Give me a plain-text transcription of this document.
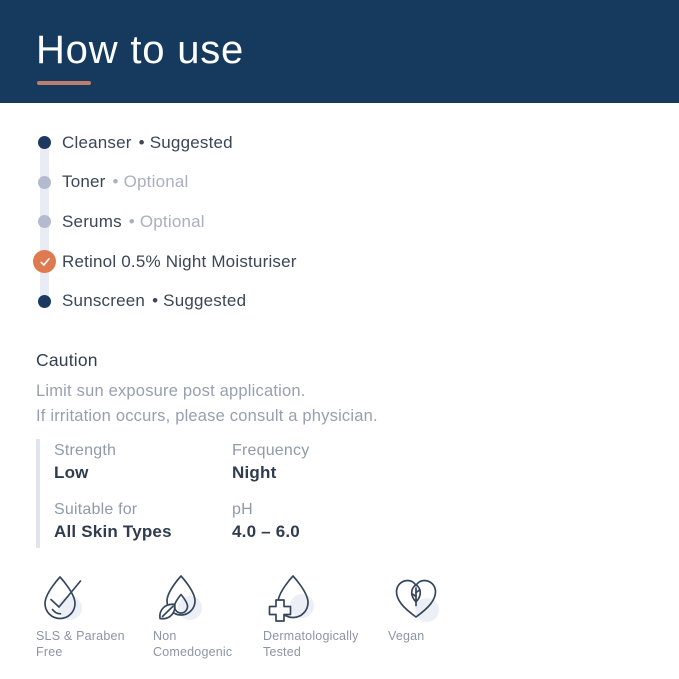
How to use
Cleanser • Suggested
Toner • Optional
Serums • Optional
Retinol 0.5% Night Moisturiser
Sunscreen • Suggested
Caution

Limit sun exposure post application.

If irritation occurs, please consult a physician.

Strength
Low
Frequency
Night
Suitable for
All Skin Types
pH
4.0 – 6.0
SLS & Paraben Free
Non Comedogenic
Dermatologically Tested
Vegan
